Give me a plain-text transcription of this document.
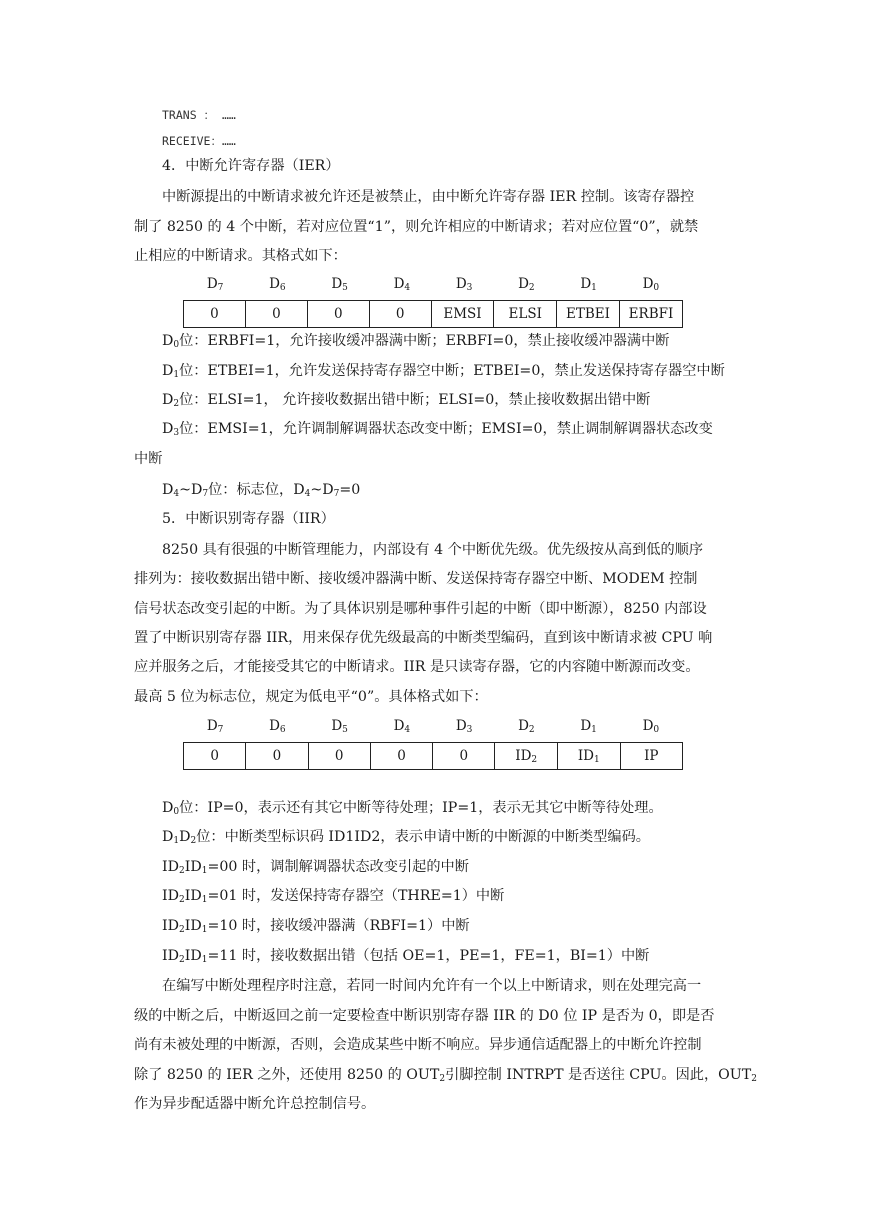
TRANS ： ……
RECEIVE：……
4．中断允许寄存器（IER）
中断源提出的中断请求被允许还是被禁止，由中断允许寄存器 IER 控制。该寄存器控
制了 8250 的 4 个中断，若对应位置“1”，则允许相应的中断请求；若对应位置“0”，就禁
止相应的中断请求。其格式如下：
$D_7$	$D_6$	$D_5$	$D_4$	$D_3$	$D_2$	$D_1$	$D_0$
0	0	0	0	EMSI	ELSI	ETBEI	ERBFI
$D_0$位：ERBFI=1，允许接收缓冲器满中断；ERBFI=0，禁止接收缓冲器满中断
$D_1$位：ETBEI=1，允许发送保持寄存器空中断；ETBEI=0，禁止发送保持寄存器空中断
$D_2$位：ELSI=1， 允许接收数据出错中断；ELSI=0，禁止接收数据出错中断
$D_3$位：EMSI=1，允许调制解调器状态改变中断；EMSI=0，禁止调制解调器状态改变
中断
$D_4\sim D_7$位：标志位，$D_4\sim D_7=0$
5．中断识别寄存器（IIR）
8250 具有很强的中断管理能力，内部设有 4 个中断优先级。优先级按从高到低的顺序
排列为：接收数据出错中断、接收缓冲器满中断、发送保持寄存器空中断、MODEM 控制
信号状态改变引起的中断。为了具体识别是哪种事件引起的中断（即中断源），8250 内部设
置了中断识别寄存器 IIR，用来保存优先级最高的中断类型编码，直到该中断请求被 CPU 响
应并服务之后，才能接受其它的中断请求。IIR 是只读寄存器，它的内容随中断源而改变。
最高 5 位为标志位，规定为低电平“0”。具体格式如下：
$D_7$	$D_6$	$D_5$	$D_4$	$D_3$	$D_2$	$D_1$	$D_0$
0	0	0	0	0	$ID_2$	$ID_1$	IP
$D_0$位：IP=0，表示还有其它中断等待处理；IP=1，表示无其它中断等待处理。
$D_1D_2$位：中断类型标识码 ID1ID2，表示申请中断的中断源的中断类型编码。
$ID_2ID_1=00$ 时，调制解调器状态改变引起的中断
$ID_2ID_1=01$ 时，发送保持寄存器空（THRE=1）中断
$ID_2ID_1=10$ 时，接收缓冲器满（RBFI=1）中断
$ID_2ID_1=11$ 时，接收数据出错（包括 OE=1，PE=1，FE=1，BI=1）中断
在编写中断处理程序时注意，若同一时间内允许有一个以上中断请求，则在处理完高一
级的中断之后，中断返回之前一定要检查中断识别寄存器 IIR 的 D0 位 IP 是否为 0，即是否
尚有未被处理的中断源，否则，会造成某些中断不响应。异步通信适配器上的中断允许控制
除了 8250 的 IER 之外，还使用 8250 的 $OUT_2$引脚控制 INTRPT 是否送往 CPU。因此，$OUT_2$
作为异步配适器中断允许总控制信号。
